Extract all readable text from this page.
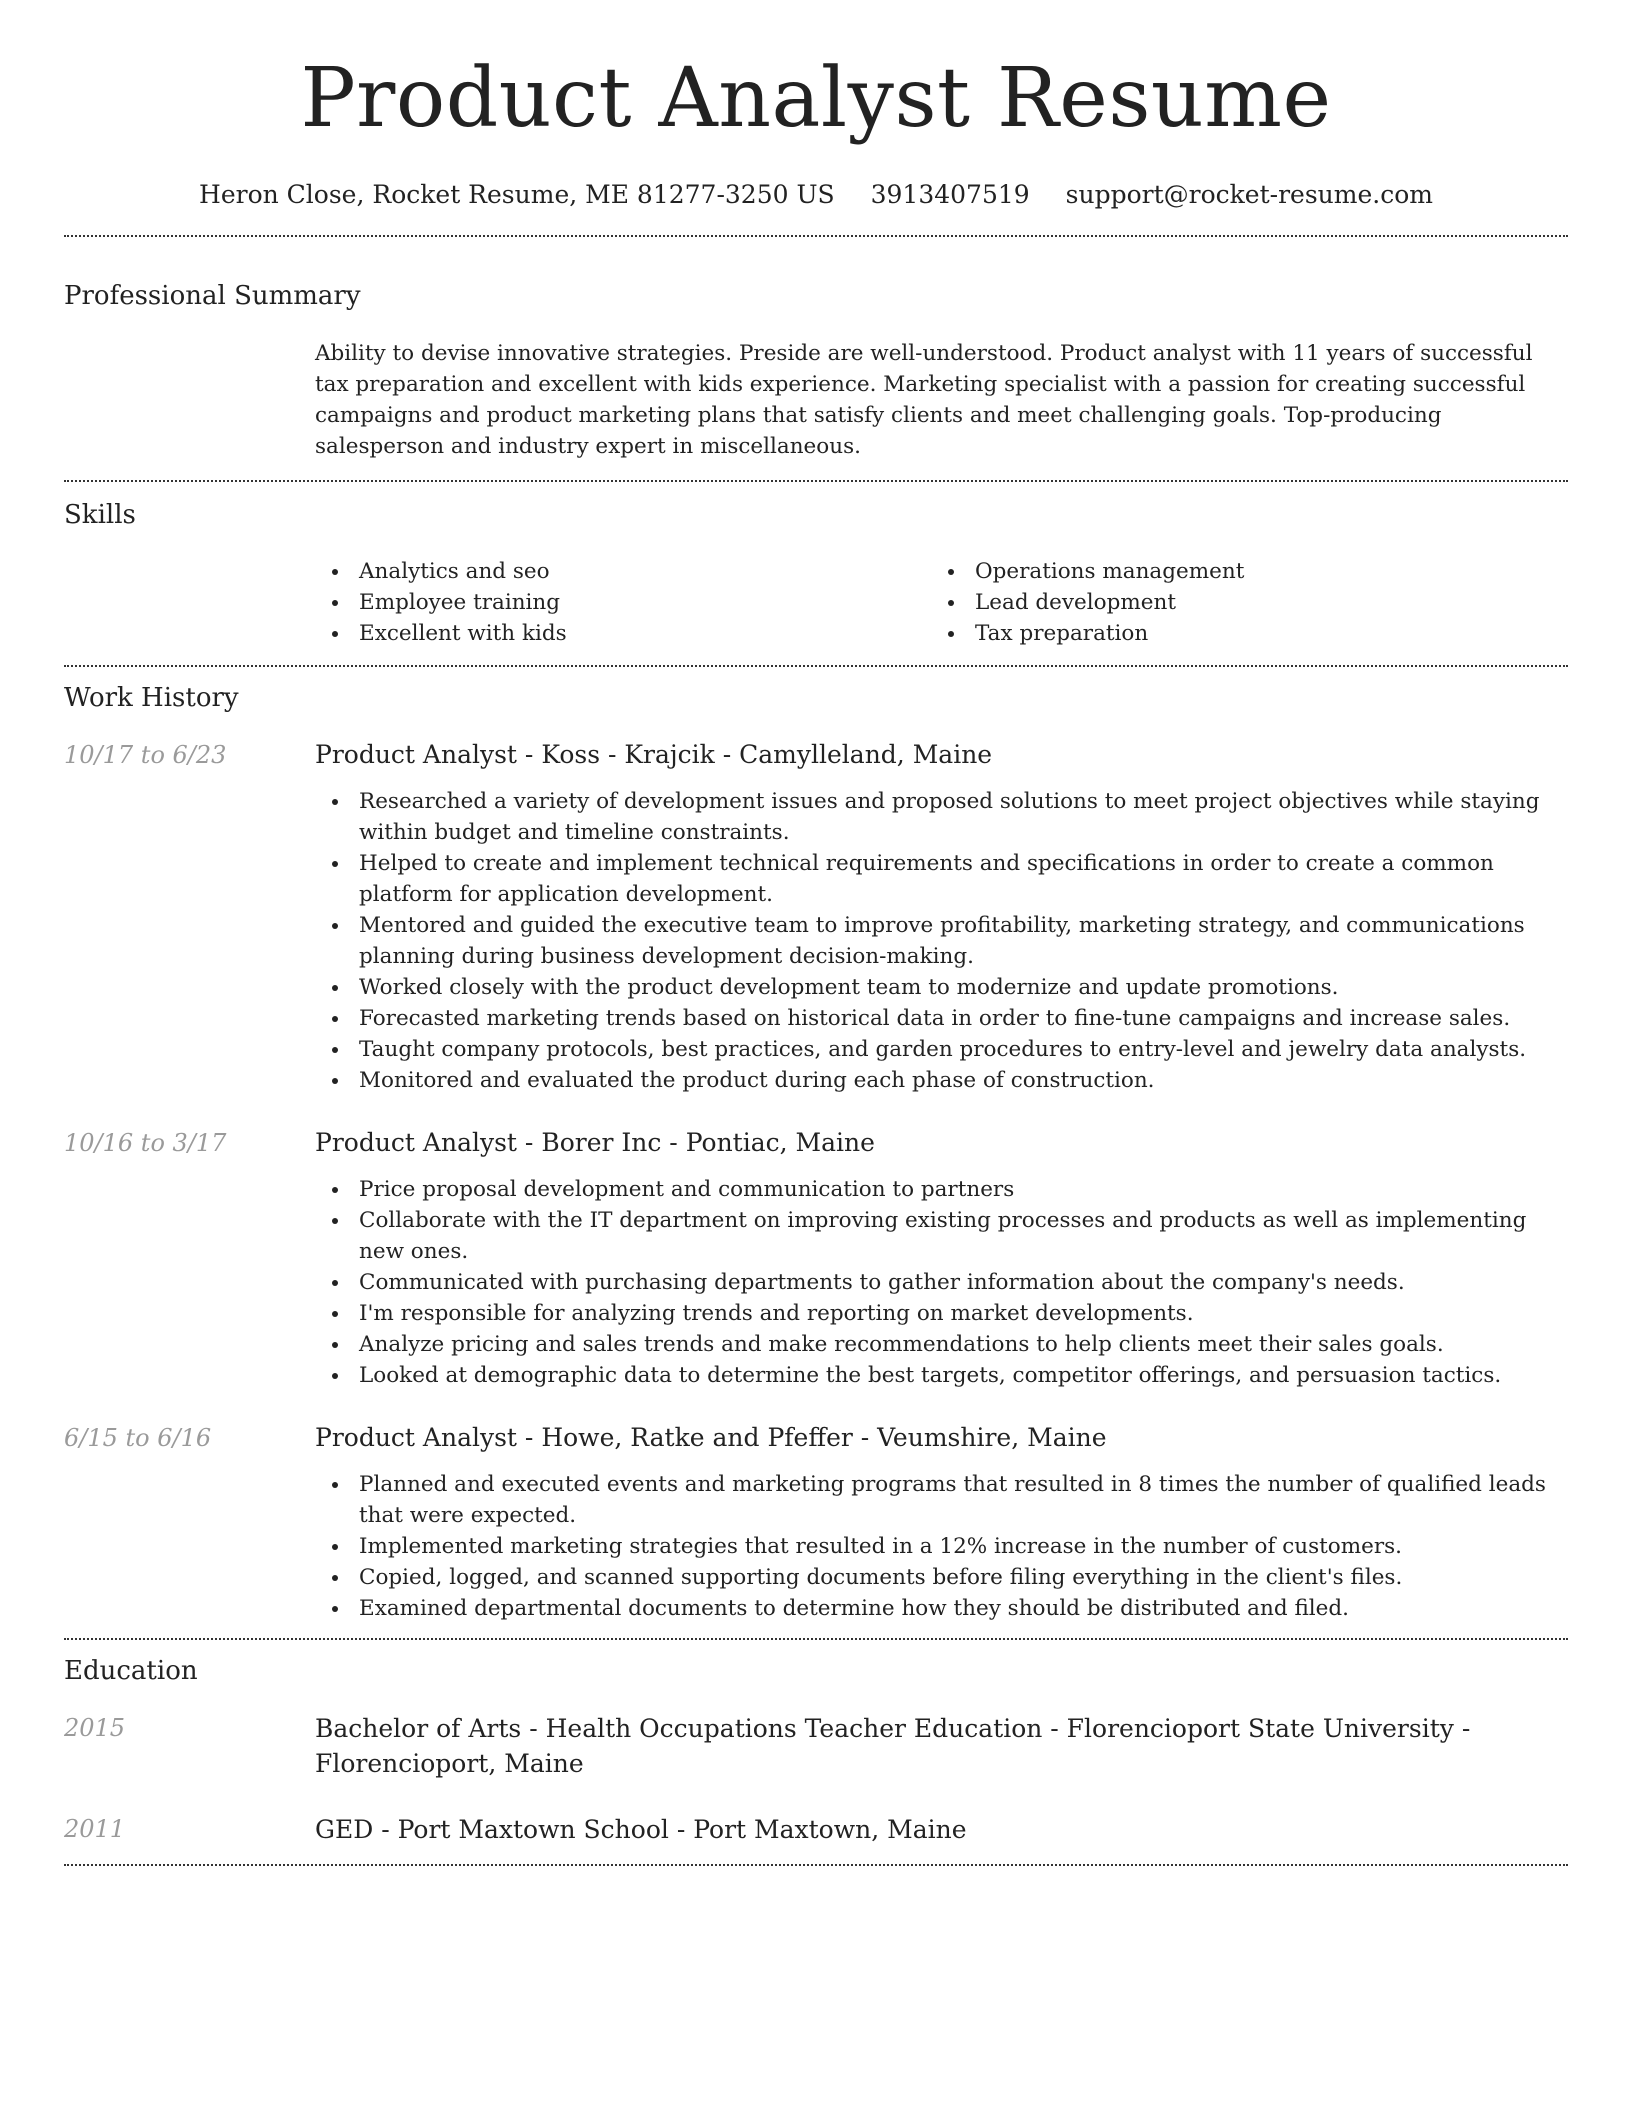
Product Analyst Resume
Heron Close, Rocket Resume, ME 81277-3250 US 3913407519 support@rocket-resume.com
Professional Summary

Ability to devise innovative strategies. Preside are well-understood. Product analyst with 11 years of successful tax preparation and excellent with kids experience. Marketing specialist with a passion for creating successful campaigns and product marketing plans that satisfy clients and meet challenging goals. Top-producing salesperson and industry expert in miscellaneous.

Skills
Analytics and seo
Employee training
Excellent with kids
Operations management
Lead development
Tax preparation
Work History
10/17 to 6/23	Product Analyst - Koss - Krajcik - Camylleland, Maine
Researched a variety of development issues and proposed solutions to meet project objectives while staying within budget and timeline constraints.
Helped to create and implement technical requirements and specifications in order to create a common platform for application development.
Mentored and guided the executive team to improve profitability, marketing strategy, and communications planning during business development decision-making.
Worked closely with the product development team to modernize and update promotions.
Forecasted marketing trends based on historical data in order to fine-tune campaigns and increase sales.
Taught company protocols, best practices, and garden procedures to entry-level and jewelry data analysts.
Monitored and evaluated the product during each phase of construction.
10/16 to 3/17	Product Analyst - Borer Inc - Pontiac, Maine
Price proposal development and communication to partners
Collaborate with the IT department on improving existing processes and products as well as implementing new ones.
Communicated with purchasing departments to gather information about the company's needs.
I'm responsible for analyzing trends and reporting on market developments.
Analyze pricing and sales trends and make recommendations to help clients meet their sales goals.
Looked at demographic data to determine the best targets, competitor offerings, and persuasion tactics.
6/15 to 6/16	Product Analyst - Howe, Ratke and Pfeffer - Veumshire, Maine
Planned and executed events and marketing programs that resulted in 8 times the number of qualified leads that were expected.
Implemented marketing strategies that resulted in a 12% increase in the number of customers.
Copied, logged, and scanned supporting documents before filing everything in the client's files.
Examined departmental documents to determine how they should be distributed and filed.
Education
2015	Bachelor of Arts - Health Occupations Teacher Education - Florencioport State University - Florencioport, Maine
2011	GED - Port Maxtown School - Port Maxtown, Maine
